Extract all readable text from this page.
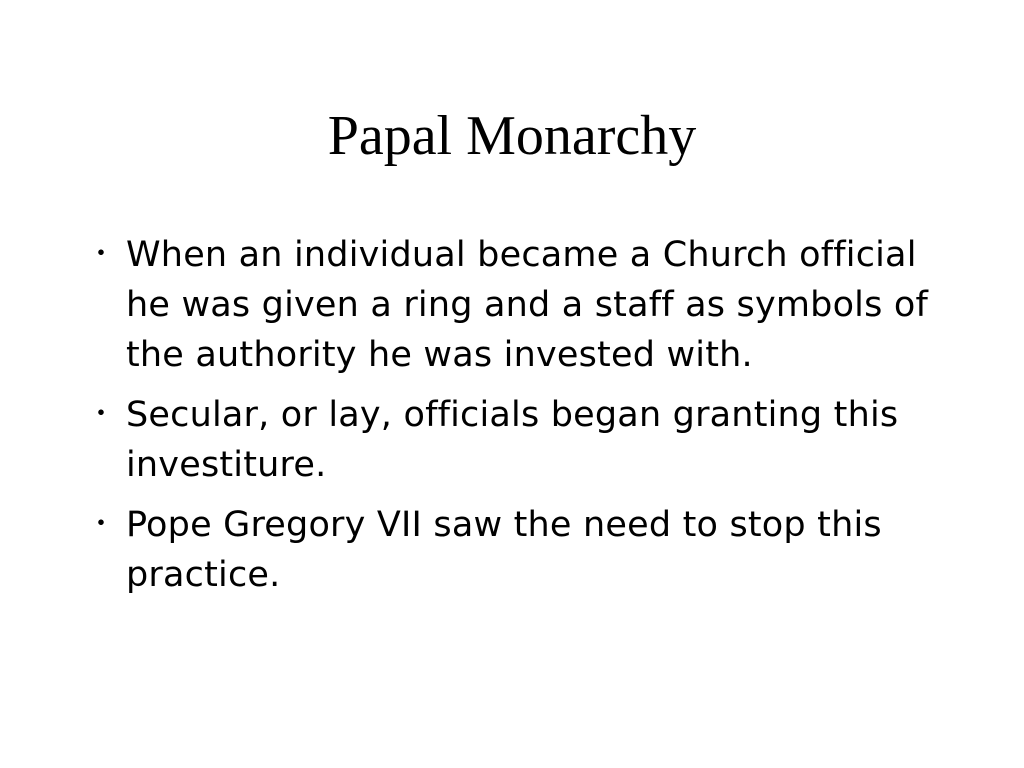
Papal Monarchy
・ When an individual became a Church official he was given a ring and a staff as symbols of the authority he was invested with.
・ Secular, or lay, officials began granting this investiture.
・ Pope Gregory VII saw the need to stop this practice.
